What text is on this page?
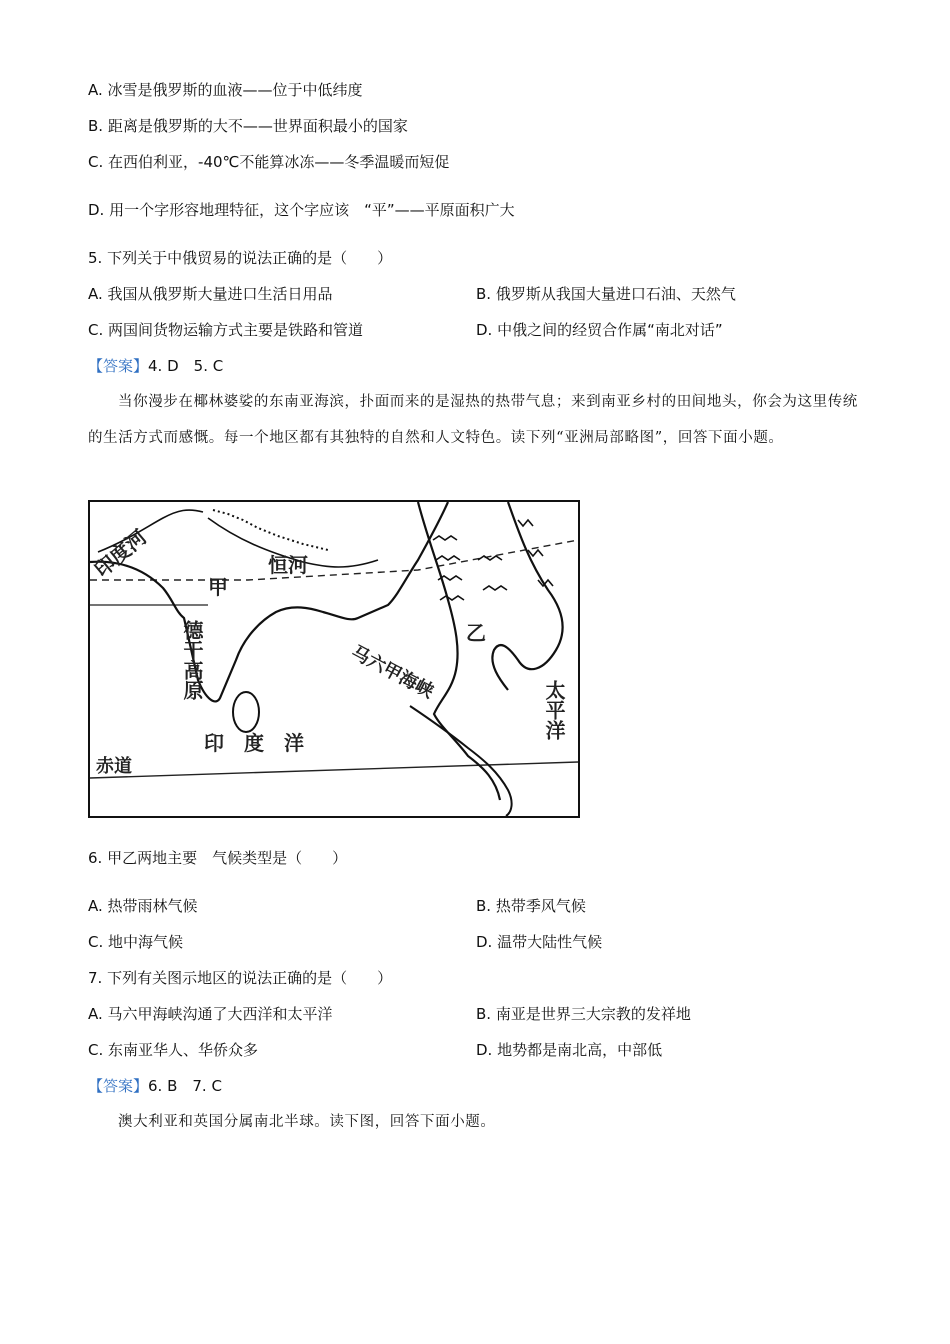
A. 冰雪是俄罗斯的血液——位于中低纬度
B. 距离是俄罗斯的大不——世界面积最小的国家
C. 在西伯利亚，-40℃不能算冰冻——冬季温暖而短促
D. 用一个字形容地理特征，这个字应该　“平”——平原面积广大
5. 下列关于中俄贸易的说法正确的是（　　）
A. 我国从俄罗斯大量进口生活日用品	B. 俄罗斯从我国大量进口石油、天然气
C. 两国间货物运输方式主要是铁路和管道	D. 中俄之间的经贸合作属“南北对话”
【答案】4. D　5. C
当你漫步在椰林婆娑的东南亚海滨，扑面而来的是湿热的热带气息；来到南亚乡村的田间地头，你会为这里传统的生活方式而感慨。每一个地区都有其独特的自然和人文特色。读下列“亚洲局部略图”，回答下面小题。
印度河	恒河
甲
德干高原	乙
马六甲海峡
印　度　洋
太平洋
赤道
6. 甲乙两地主要　气候类型是（　　）
A. 热带雨林气候	B. 热带季风气候
C. 地中海气候	D. 温带大陆性气候
7. 下列有关图示地区的说法正确的是（　　）
A. 马六甲海峡沟通了大西洋和太平洋	B. 南亚是世界三大宗教的发祥地
C. 东南亚华人、华侨众多	D. 地势都是南北高，中部低
【答案】6. B　7. C
澳大利亚和英国分属南北半球。读下图，回答下面小题。
